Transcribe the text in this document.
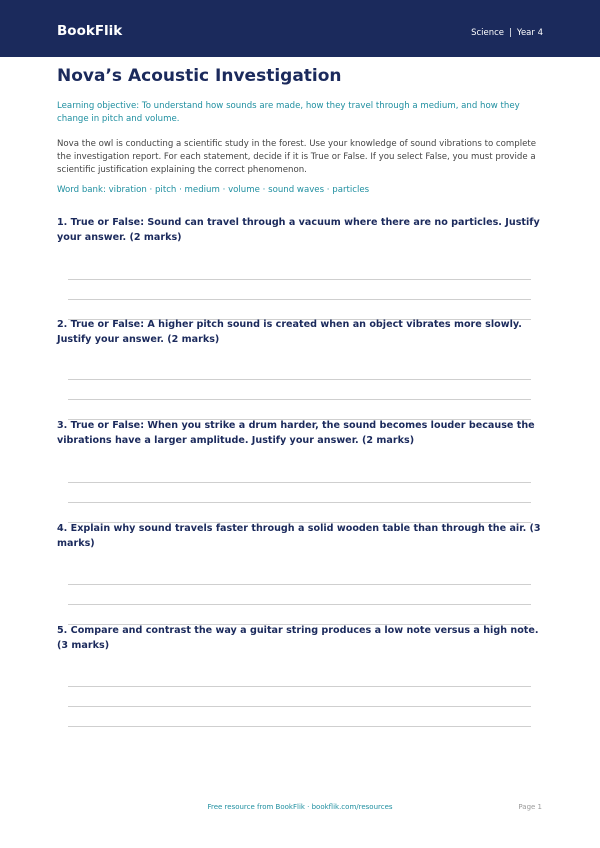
BookFlik	Science | Year 4
Nova’s Acoustic Investigation
Learning objective: To understand how sounds are made, how they travel through a medium, and how they change in pitch and volume.
Nova the owl is conducting a scientific study in the forest. Use your knowledge of sound vibrations to complete the investigation report. For each statement, decide if it is True or False. If you select False, you must provide a scientific justification explaining the correct phenomenon.
Word bank: vibration · pitch · medium · volume · sound waves · particles
1. True or False: Sound can travel through a vacuum where there are no particles. Justify your answer. (2 marks)
2. True or False: A higher pitch sound is created when an object vibrates more slowly. Justify your answer. (2 marks)
3. True or False: When you strike a drum harder, the sound becomes louder because the vibrations have a larger amplitude. Justify your answer. (2 marks)
4. Explain why sound travels faster through a solid wooden table than through the air. (3 marks)
5. Compare and contrast the way a guitar string produces a low note versus a high note. (3 marks)
Free resource from BookFlik · bookflik.com/resources	Page 1
